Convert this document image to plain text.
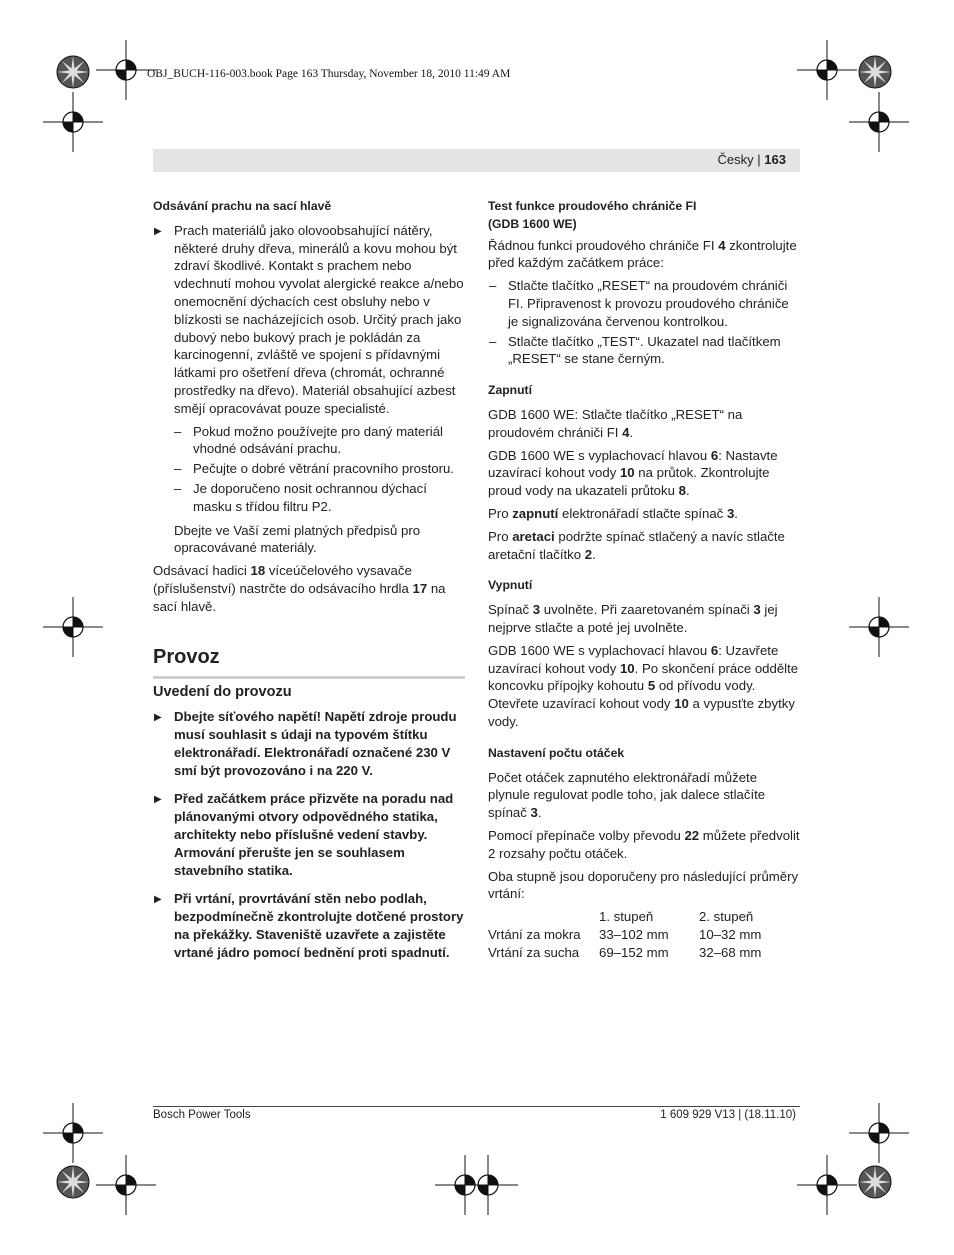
OBJ_BUCH-116-003.book Page 163 Thursday, November 18, 2010 11:49 AM
Česky | 163
Odsávání prachu na sací hlavě
▶ Prach materiálů jako olovoobsahující nátěry, některé druhy dřeva, minerálů a kovu mohou být zdraví škodlivé. Kontakt s prachem nebo vdechnutí mohou vyvolat alergické reakce a/nebo onemocnění dýchacích cest obsluhy nebo v blízkosti se nacházejících osob. Určitý prach jako dubový nebo bukový prach je pokládán za karcinogenní, zvláště ve spojení s přídavnými látkami pro ošetření dřeva (chromát, ochranné prostředky na dřevo). Materiál obsahující azbest smějí opracovávat pouze specialisté.
– Pokud možno používejte pro daný materiál vhodné odsávání prachu.
– Pečujte o dobré větrání pracovního prostoru.
– Je doporučeno nosit ochrannou dýchací masku s třídou filtru P2.
Dbejte ve Vaší zemi platných předpisů pro opracovávané materiály.

Odsávací hadici 18 víceúčelového vysavače (příslušenství) nastrčte do odsávacího hrdla 17 na sací hlavě.

Provoz
Uvedení do provozu
▶ Dbejte síťového napětí! Napětí zdroje proudu musí souhlasit s údaji na typovém štítku elektronářadí. Elektronářadí označené 230 V smí být provozováno i na 220 V.
▶ Před začátkem práce přizvěte na poradu nad plánovanými otvory odpovědného statika, architekty nebo příslušné vedení stavby. Armování přerušte jen se souhlasem stavebního statika.
▶ Při vrtání, provrtávání stěn nebo podlah, bezpodmínečně zkontrolujte dotčené prostory na překážky. Staveniště uzavřete a zajistěte vrtané jádro pomocí bednění proti spadnutí.
Test funkce proudového chrániče FI
(GDB 1600 WE)

Řádnou funkci proudového chrániče FI 4 zkontrolujte před každým začátkem práce:

– Stlačte tlačítko „RESET“ na proudovém chrániči FI. Připravenost k provozu proudového chrániče je signalizována červenou kontrolkou.
– Stlačte tlačítko „TEST“. Ukazatel nad tlačítkem „RESET“ se stane černým.
Zapnutí

GDB 1600 WE: Stlačte tlačítko „RESET“ na proudovém chrániči FI 4.

GDB 1600 WE s vyplachovací hlavou 6: Nastavte uzavírací kohout vody 10 na průtok. Zkontrolujte proud vody na ukazateli průtoku 8.

Pro zapnutí elektronářadí stlačte spínač 3.

Pro aretaci podržte spínač stlačený a navíc stlačte aretační tlačítko 2.

Vypnutí

Spínač 3 uvolněte. Při zaaretovaném spínači 3 jej nejprve stlačte a poté jej uvolněte.

GDB 1600 WE s vyplachovací hlavou 6: Uzavřete uzavírací kohout vody 10. Po skončení práce oddělte koncovku přípojky kohoutu 5 od přívodu vody. Otevřete uzavírací kohout vody 10 a vypusťte zbytky vody.

Nastavení počtu otáček

Počet otáček zapnutého elektronářadí můžete plynule regulovat podle toho, jak dalece stlačíte spínač 3.

Pomocí přepínače volby převodu 22 můžete předvolit 2 rozsahy počtu otáček.

Oba stupně jsou doporučeny pro následující průměry vrtání:

	1. stupeň	2. stupeň
Vrtání za mokra	33–102 mm	10–32 mm
Vrtání za sucha	69–152 mm	32–68 mm
Bosch Power Tools	1 609 929 V13 | (18.11.10)
